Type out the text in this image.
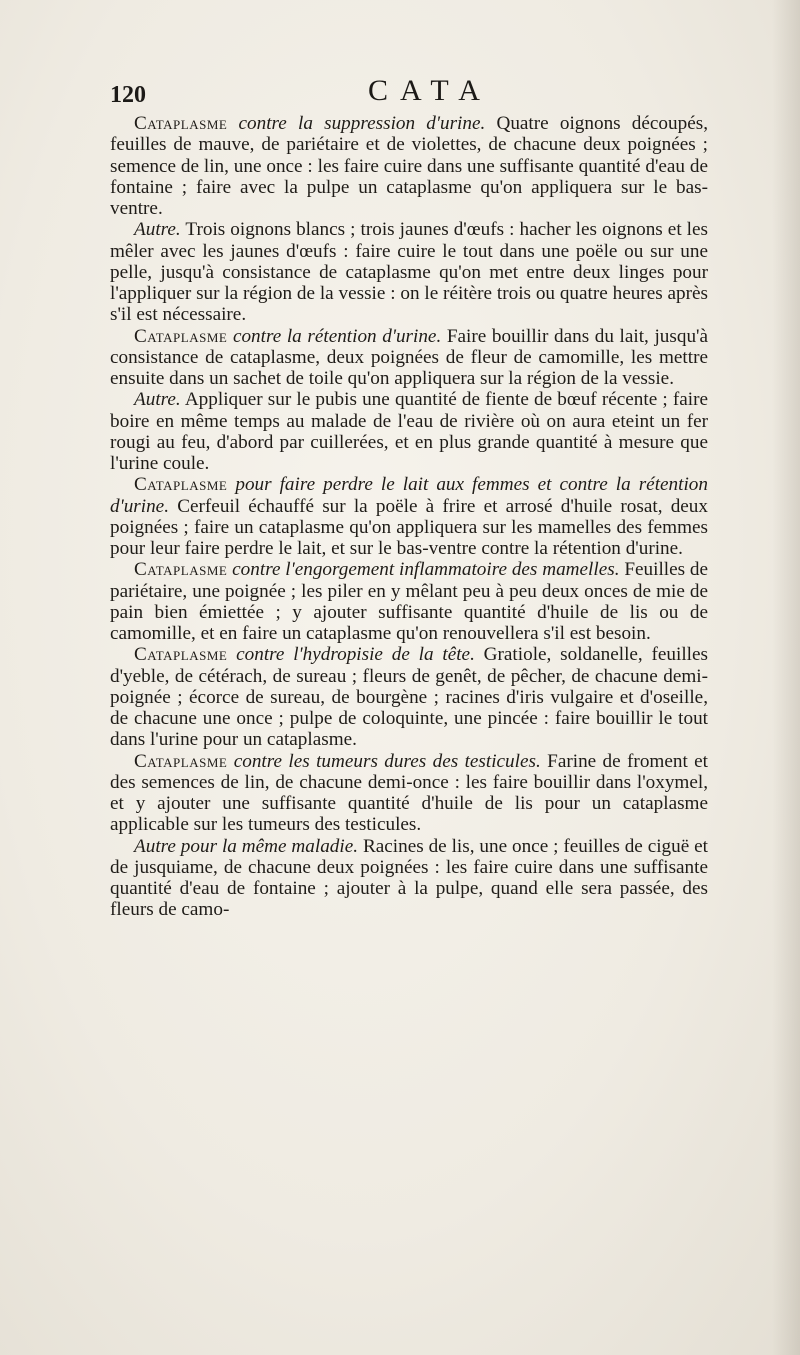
120	CATA

Cataplasme contre la suppression d'urine. Quatre oignons découpés, feuilles de mauve, de pariétaire et de violettes, de chacune deux poignées ; semence de lin, une once : les faire cuire dans une suffisante quantité d'eau de fontaine ; faire avec la pulpe un cataplasme qu'on appliquera sur le bas-ventre.

Autre. Trois oignons blancs ; trois jaunes d'œufs : hacher les oignons et les mêler avec les jaunes d'œufs : faire cuire le tout dans une poële ou sur une pelle, jusqu'à consistance de cataplasme qu'on met entre deux linges pour l'appliquer sur la région de la vessie : on le réitère trois ou quatre heures après s'il est nécessaire.

Cataplasme contre la rétention d'urine. Faire bouillir dans du lait, jusqu'à consistance de cataplasme, deux poignées de fleur de camomille, les mettre ensuite dans un sachet de toile qu'on appliquera sur la région de la vessie.

Autre. Appliquer sur le pubis une quantité de fiente de bœuf récente ; faire boire en même temps au malade de l'eau de rivière où on aura eteint un fer rougi au feu, d'abord par cuillerées, et en plus grande quantité à mesure que l'urine coule.

Cataplasme pour faire perdre le lait aux femmes et contre la rétention d'urine. Cerfeuil échauffé sur la poële à frire et arrosé d'huile rosat, deux poignées ; faire un cataplasme qu'on appliquera sur les mamelles des femmes pour leur faire perdre le lait, et sur le bas-ventre contre la rétention d'urine.

Cataplasme contre l'engorgement inflammatoire des mamelles. Feuilles de pariétaire, une poignée ; les piler en y mêlant peu à peu deux onces de mie de pain bien émiettée ; y ajouter suffisante quantité d'huile de lis ou de camomille, et en faire un cataplasme qu'on renouvellera s'il est besoin.

Cataplasme contre l'hydropisie de la tête. Gratiole, soldanelle, feuilles d'yeble, de cétérach, de sureau ; fleurs de genêt, de pêcher, de chacune demi-poignée ; écorce de sureau, de bourgène ; racines d'iris vulgaire et d'oseille, de chacune une once ; pulpe de coloquinte, une pincée : faire bouillir le tout dans l'urine pour un cataplasme.

Cataplasme contre les tumeurs dures des testicules. Farine de froment et des semences de lin, de chacune demi-once : les faire bouillir dans l'oxymel, et y ajouter une suffisante quantité d'huile de lis pour un cataplasme applicable sur les tumeurs des testicules.

Autre pour la même maladie. Racines de lis, une once ; feuilles de ciguë et de jusquiame, de chacune deux poignées : les faire cuire dans une suffisante quantité d'eau de fontaine ; ajouter à la pulpe, quand elle sera passée, des fleurs de camo-
